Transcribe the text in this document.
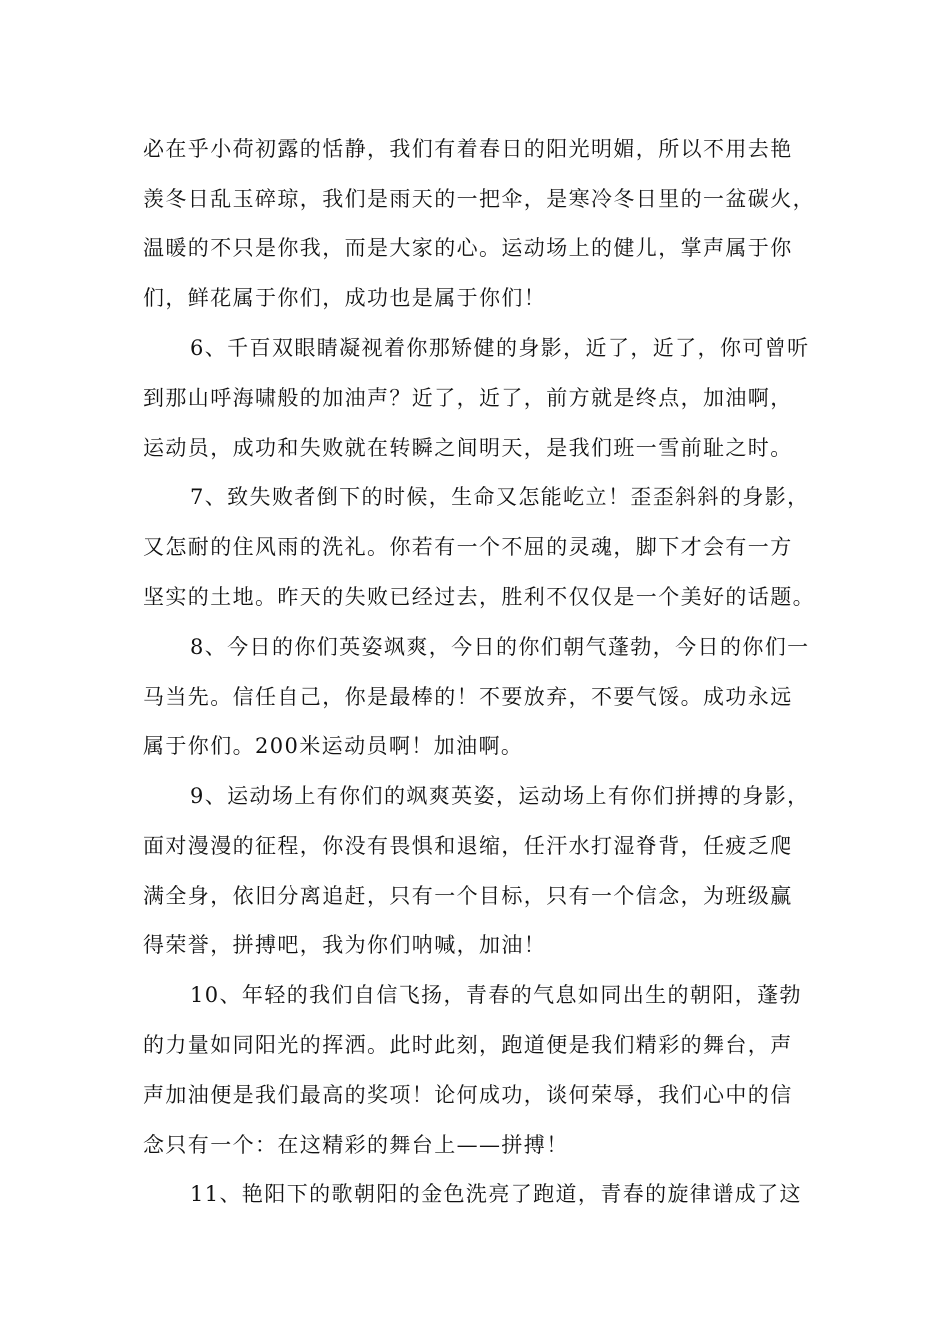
必在乎小荷初露的恬静，我们有着春日的阳光明媚，所以不用去艳
羡冬日乱玉碎琼，我们是雨天的一把伞，是寒冷冬日里的一盆碳火，
温暖的不只是你我，而是大家的心。运动场上的健儿，掌声属于你
们，鲜花属于你们，成功也是属于你们！
6、千百双眼睛凝视着你那矫健的身影，近了，近了，你可曾听
到那山呼海啸般的加油声？近了，近了，前方就是终点，加油啊，
运动员，成功和失败就在转瞬之间明天，是我们班一雪前耻之时。
7、致失败者倒下的时候，生命又怎能屹立！歪歪斜斜的身影，
又怎耐的住风雨的洗礼。你若有一个不屈的灵魂，脚下才会有一方
坚实的土地。昨天的失败已经过去，胜利不仅仅是一个美好的话题。
8、今日的你们英姿飒爽，今日的你们朝气蓬勃，今日的你们一
马当先。信任自己，你是最棒的！不要放弃，不要气馁。成功永远
属于你们。200米运动员啊！加油啊。
9、运动场上有你们的飒爽英姿，运动场上有你们拼搏的身影，
面对漫漫的征程，你没有畏惧和退缩，任汗水打湿脊背，任疲乏爬
满全身，依旧分离追赶，只有一个目标，只有一个信念，为班级赢
得荣誉，拼搏吧，我为你们呐喊，加油！
10、年轻的我们自信飞扬，青春的气息如同出生的朝阳，蓬勃
的力量如同阳光的挥洒。此时此刻，跑道便是我们精彩的舞台，声
声加油便是我们最高的奖项！论何成功，谈何荣辱，我们心中的信
念只有一个：在这精彩的舞台上——拼搏！
11、艳阳下的歌朝阳的金色洗亮了跑道，青春的旋律谱成了这
